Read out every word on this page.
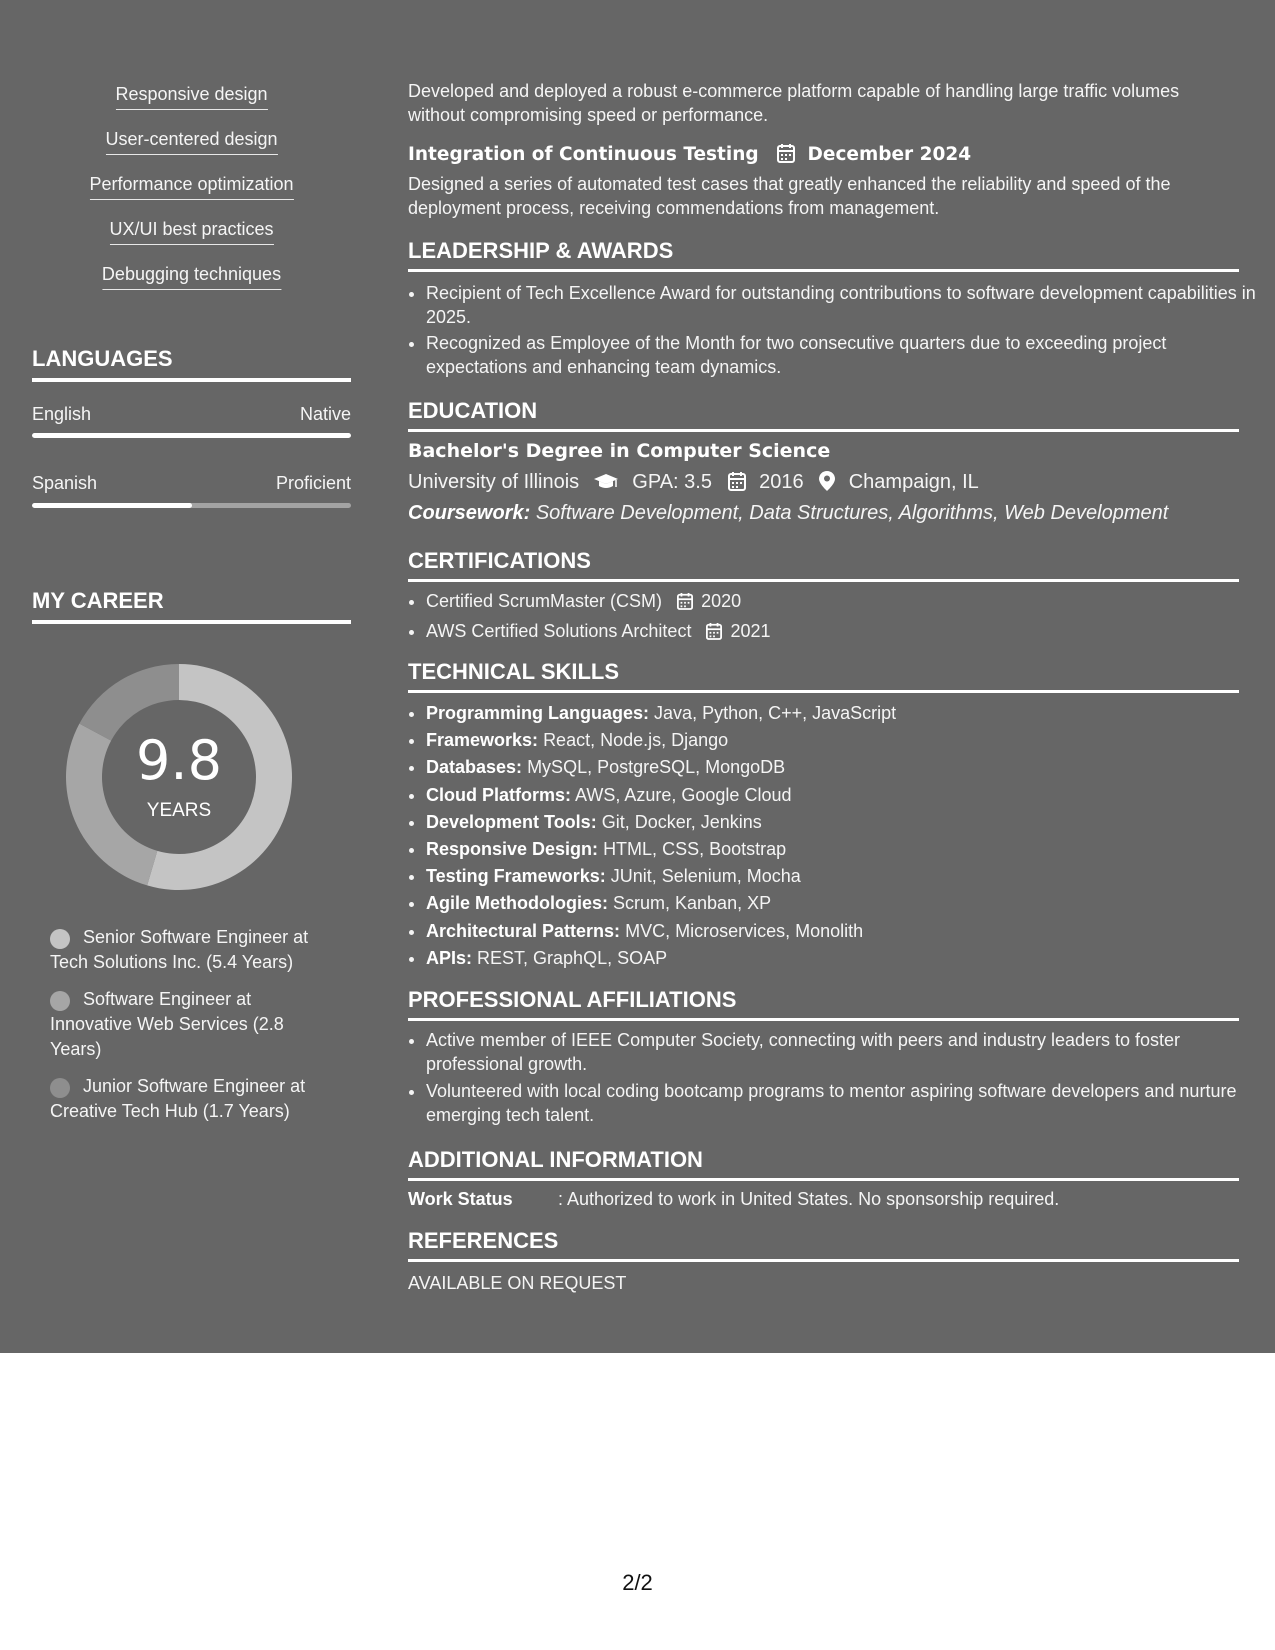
Responsive design
User-centered design
Performance optimization
UX/UI best practices
Debugging techniques
LANGUAGES
English	Native
Spanish	Proficient
MY CAREER
9.8
YEARS
Senior Software Engineer at Tech Solutions Inc. (5.4 Years)
Software Engineer at Innovative Web Services (2.8 Years)
Junior Software Engineer at Creative Tech Hub (1.7 Years)
Developed and deployed a robust e-commerce platform capable of handling large traffic volumes without compromising speed or performance.
Integration of Continuous Testing	December 2024
Designed a series of automated test cases that greatly enhanced the reliability and speed of the deployment process, receiving commendations from management.
LEADERSHIP & AWARDS
• Recipient of Tech Excellence Award for outstanding contributions to software development capabilities in 2025.
• Recognized as Employee of the Month for two consecutive quarters due to exceeding project expectations and enhancing team dynamics.
EDUCATION
Bachelor's Degree in Computer Science
University of Illinois	GPA: 3.5 2016 Champaign, IL
Coursework: Software Development, Data Structures, Algorithms, Web Development
CERTIFICATIONS
• Certified ScrumMaster (CSM) 2020
• AWS Certified Solutions Architect 2021
TECHNICAL SKILLS
• Programming Languages: Java, Python, C++, JavaScript
• Frameworks: React, Node.js, Django
• Databases: MySQL, PostgreSQL, MongoDB
• Cloud Platforms: AWS, Azure, Google Cloud
• Development Tools: Git, Docker, Jenkins
• Responsive Design: HTML, CSS, Bootstrap
• Testing Frameworks: JUnit, Selenium, Mocha
• Agile Methodologies: Scrum, Kanban, XP
• Architectural Patterns: MVC, Microservices, Monolith
• APIs: REST, GraphQL, SOAP
PROFESSIONAL AFFILIATIONS
• Active member of IEEE Computer Society, connecting with peers and industry leaders to foster professional growth.
• Volunteered with local coding bootcamp programs to mentor aspiring software developers and nurture emerging tech talent.
ADDITIONAL INFORMATION
Work Status	: Authorized to work in United States. No sponsorship required.
REFERENCES
AVAILABLE ON REQUEST
2/2
